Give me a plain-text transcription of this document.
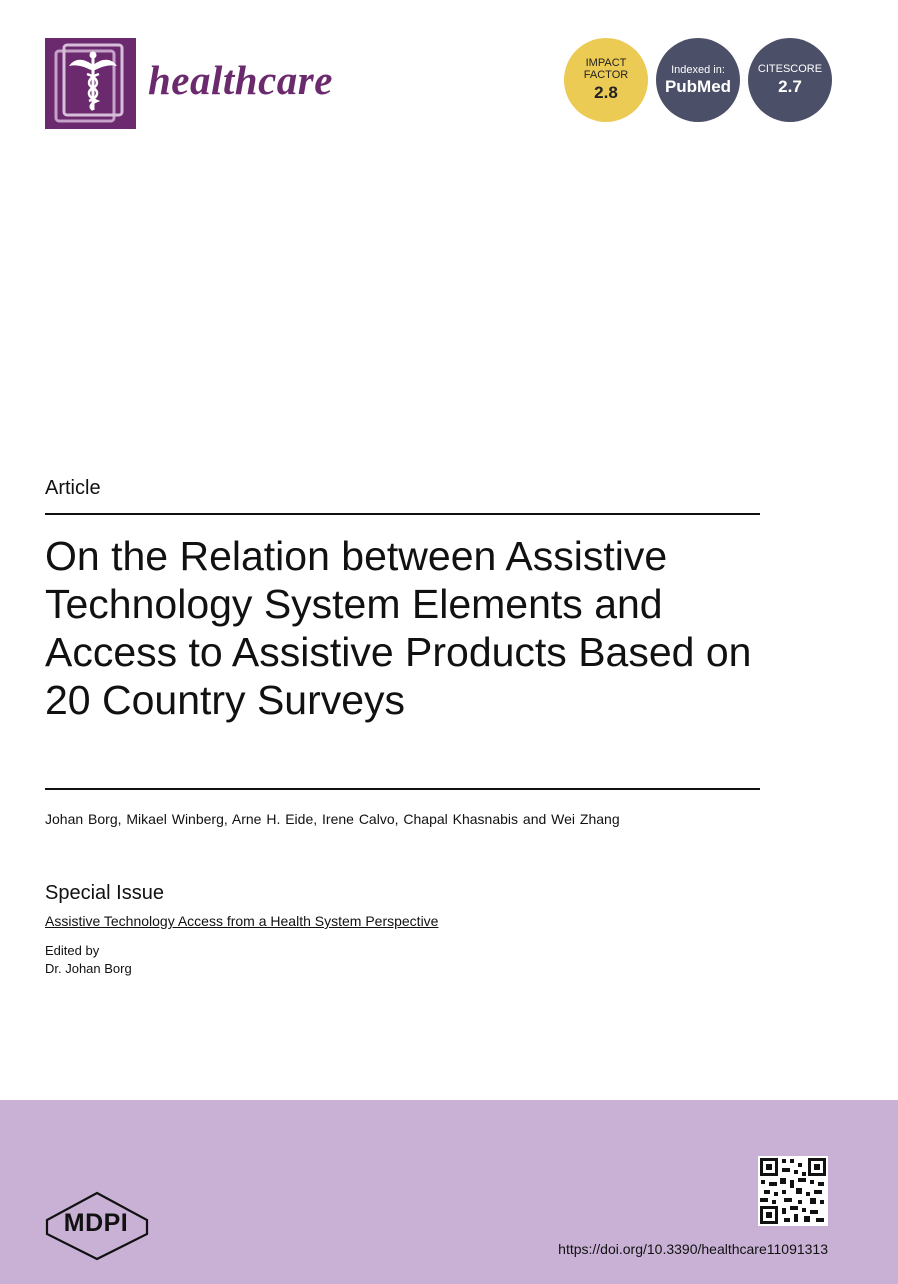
healthcare	IMPACT
FACTOR
2.8
Indexed in:
PubMed
CITESCORE
2.7
Article
On the Relation between Assistive Technology System Elements and Access to Assistive Products Based on 20 Country Surveys
Johan Borg, Mikael Winberg, Arne H. Eide, Irene Calvo, Chapal Khasnabis and Wei Zhang
Special Issue
Assistive Technology Access from a Health System Perspective
Edited by
Dr. Johan Borg
MDPI
https://doi.org/10.3390/healthcare11091313
